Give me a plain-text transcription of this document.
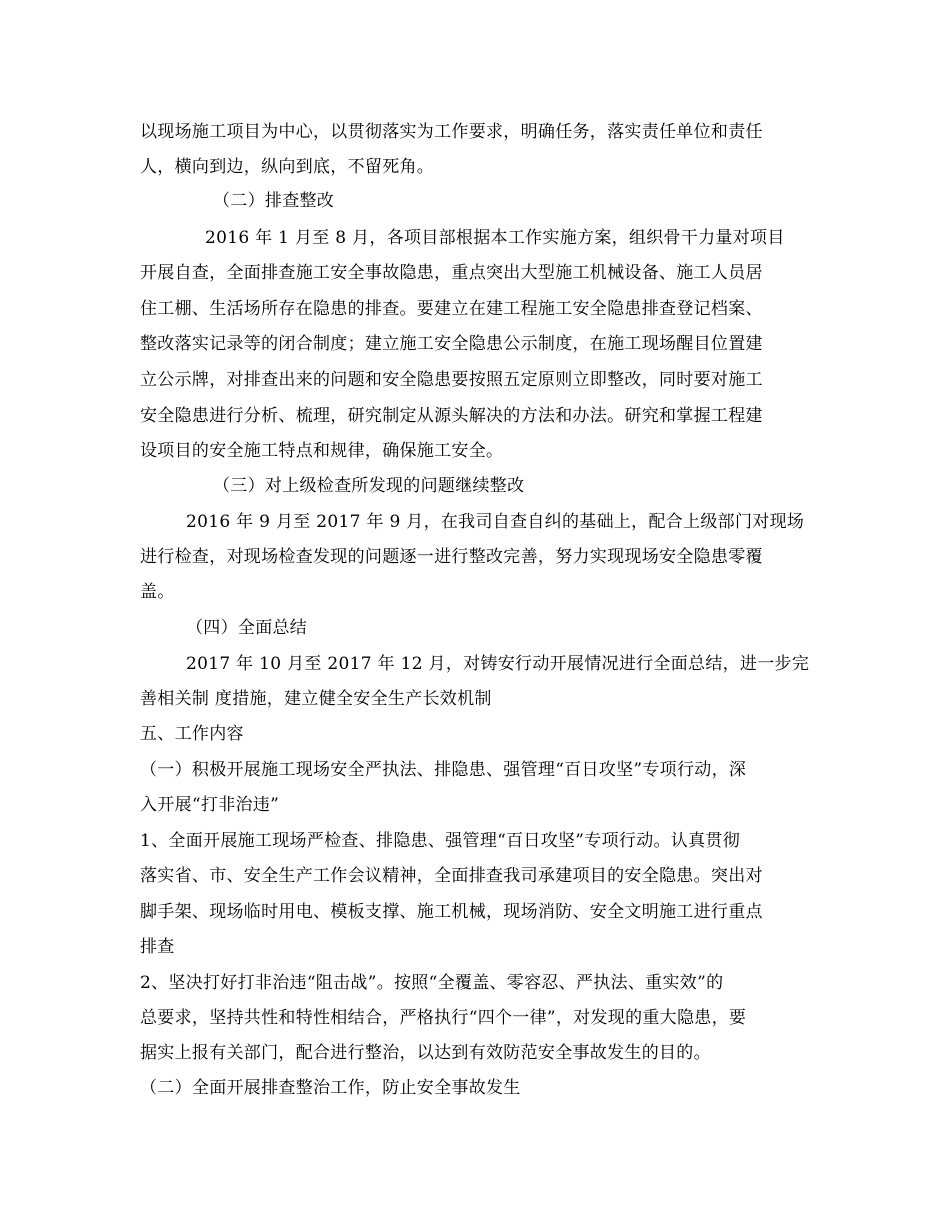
以现场施工项目为中心，以贯彻落实为工作要求，明确任务，落实责任单位和责任
人，横向到边，纵向到底，不留死角。
（二）排查整改
2016 年 1 月至 8 月，各项目部根据本工作实施方案，组织骨干力量对项目
开展自查，全面排查施工安全事故隐患，重点突出大型施工机械设备、施工人员居
住工棚、生活场所存在隐患的排查。要建立在建工程施工安全隐患排查登记档案、
整改落实记录等的闭合制度；建立施工安全隐患公示制度，在施工现场醒目位置建
立公示牌，对排查出来的问题和安全隐患要按照五定原则立即整改，同时要对施工
安全隐患进行分析、梳理，研究制定从源头解决的方法和办法。研究和掌握工程建
设项目的安全施工特点和规律，确保施工安全。
（三）对上级检查所发现的问题继续整改
2016 年 9 月至 2017 年 9 月，在我司自查自纠的基础上，配合上级部门对现场
进行检查，对现场检查发现的问题逐一进行整改完善，努力实现现场安全隐患零覆
盖。
（四）全面总结
2017 年 10 月至 2017 年 12 月，对铸安行动开展情况进行全面总结，进一步完
善相关制 度措施，建立健全安全生产长效机制
五、工作内容
（一）积极开展施工现场安全严执法、排隐患、强管理“百日攻坚”专项行动，深
入开展“打非治违”
1、全面开展施工现场严检查、排隐患、强管理“百日攻坚”专项行动。认真贯彻
落实省、市、安全生产工作会议精神，全面排查我司承建项目的安全隐患。突出对
脚手架、现场临时用电、模板支撑、施工机械，现场消防、安全文明施工进行重点
排查
2、坚决打好打非治违“阻击战”。按照“全覆盖、零容忍、严执法、重实效”的
总要求，坚持共性和特性相结合，严格执行“四个一律”，对发现的重大隐患，要
据实上报有关部门，配合进行整治，以达到有效防范安全事故发生的目的。
（二）全面开展排查整治工作，防止安全事故发生
